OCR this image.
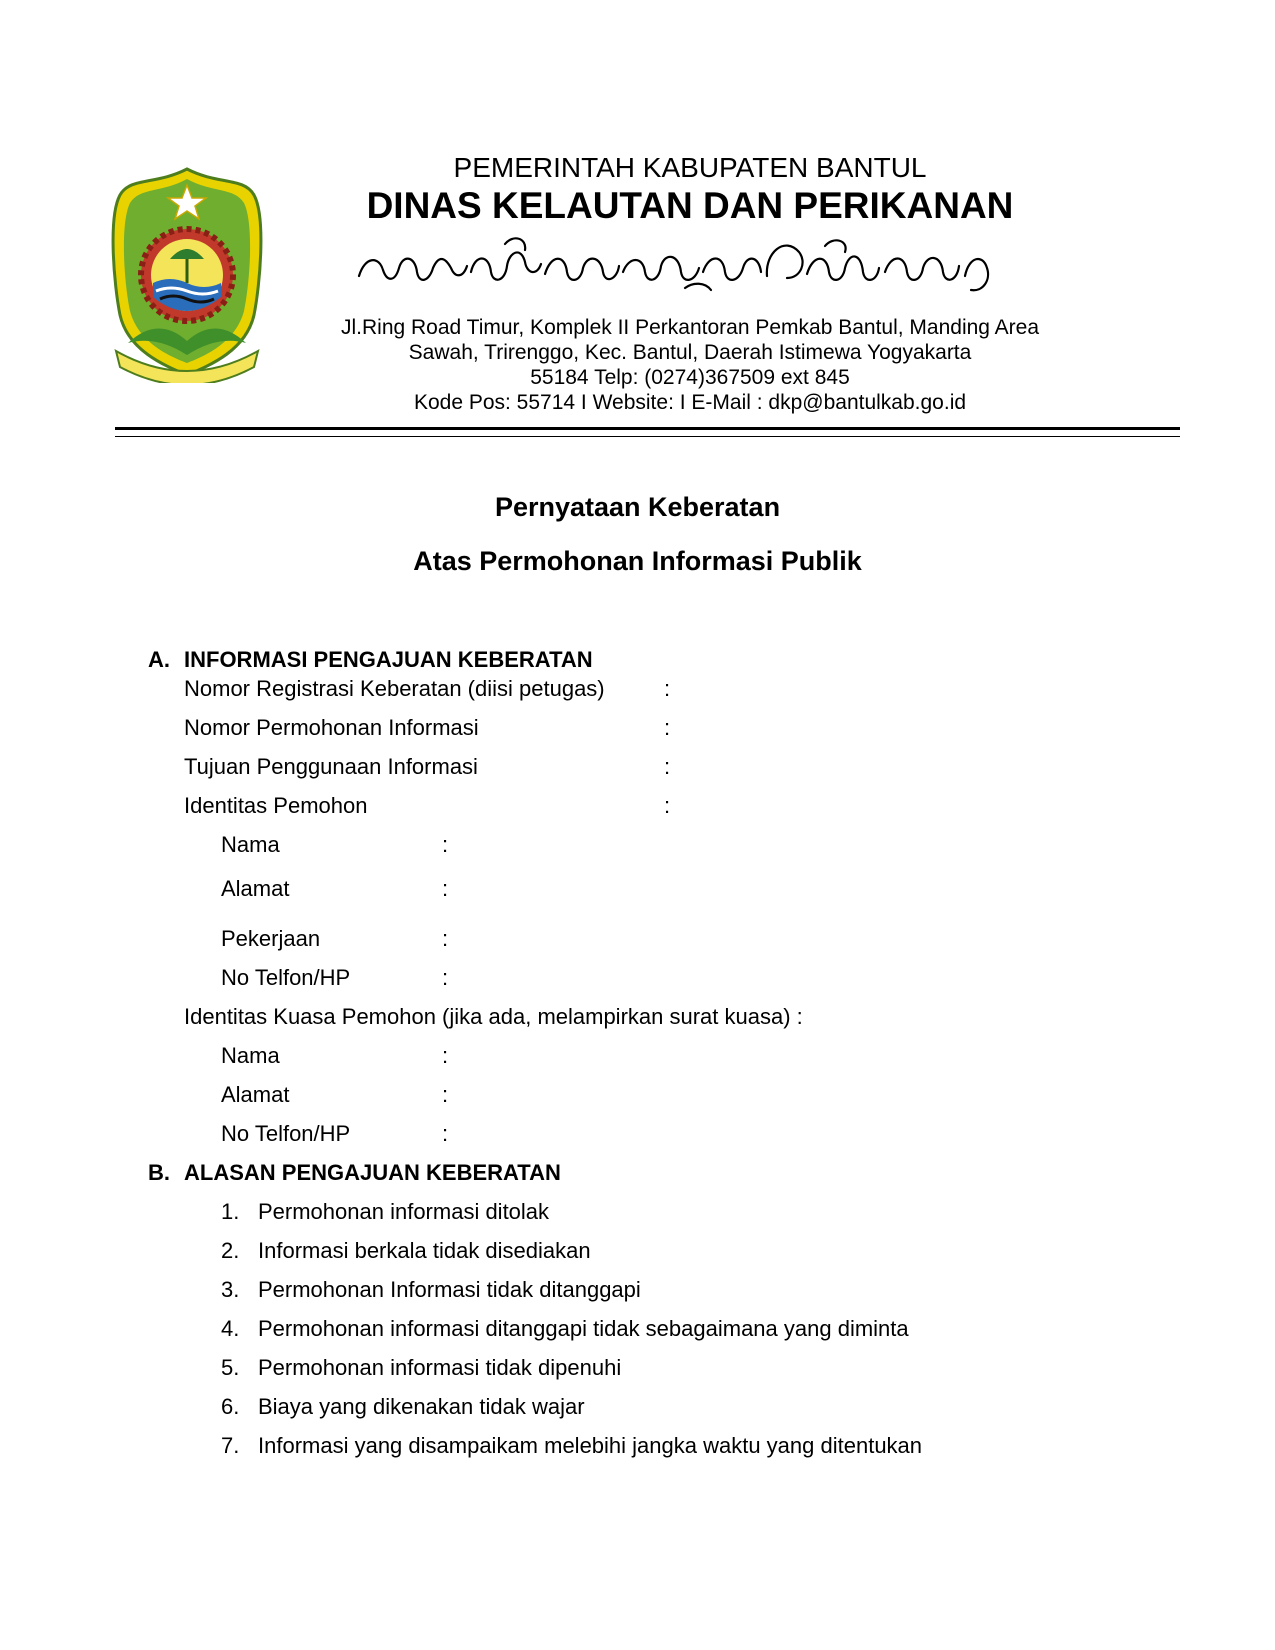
PEMERINTAH KABUPATEN BANTUL
DINAS KELAUTAN DAN PERIKANAN
Jl.Ring Road Timur, Komplek II Perkantoran Pemkab Bantul, Manding Area
Sawah, Trirenggo, Kec. Bantul, Daerah Istimewa Yogyakarta
55184 Telp: (0274)367509 ext 845
Kode Pos: 55714 I Website: I E-Mail : dkp@bantulkab.go.id
Pernyataan Keberatan
Atas Permohonan Informasi Publik
A. INFORMASI PENGAJUAN KEBERATAN
Nomor Registrasi Keberatan (diisi petugas)	:
Nomor Permohonan Informasi	:
Tujuan Penggunaan Informasi	:
Identitas Pemohon	:
Nama	:
Alamat	:
Pekerjaan	:
No Telfon/HP	:
Identitas Kuasa Pemohon (jika ada, melampirkan surat kuasa) :
Nama	:
Alamat	:
No Telfon/HP	:
B. ALASAN PENGAJUAN KEBERATAN
1. Permohonan informasi ditolak
2. Informasi berkala tidak disediakan
3. Permohonan Informasi tidak ditanggapi
4. Permohonan informasi ditanggapi tidak sebagaimana yang diminta
5. Permohonan informasi tidak dipenuhi
6. Biaya yang dikenakan tidak wajar
7. Informasi yang disampaikam melebihi jangka waktu yang ditentukan
